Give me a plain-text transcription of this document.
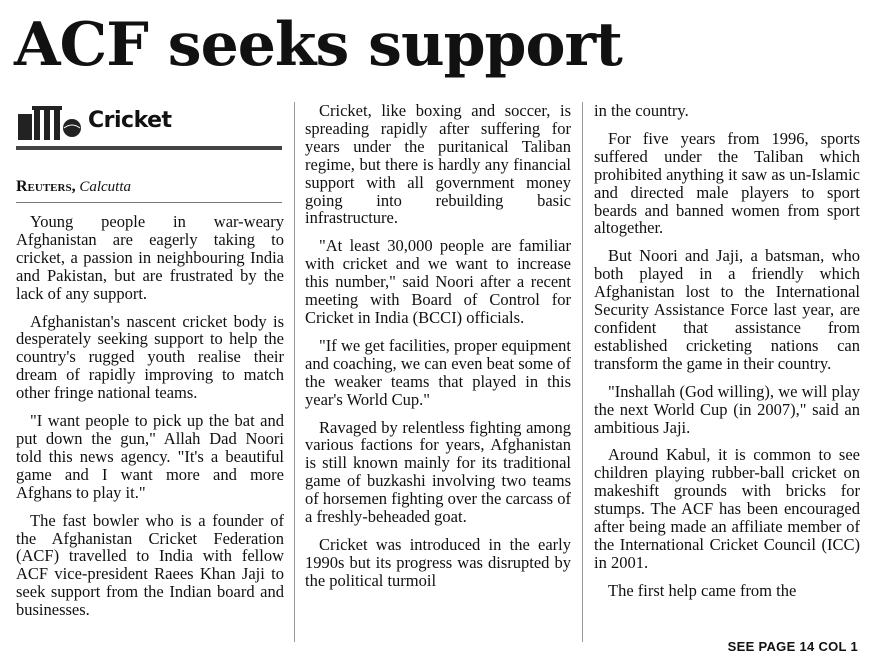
ACF seeks support
Cricket
Reuters, Calcutta

Young people in war-weary Afghanistan are eagerly taking to cricket, a passion in neighbouring India and Pakistan, but are frustrated by the lack of any support.

Afghanistan's nascent cricket body is desperately seeking support to help the country's rugged youth realise their dream of rapidly improving to match other fringe national teams.

"I want people to pick up the bat and put down the gun," Allah Dad Noori told this news agency. "It's a beautiful game and I want more and more Afghans to play it."

The fast bowler who is a founder of the Afghanistan Cricket Federation (ACF) travelled to India with fellow ACF vice-president Raees Khan Jaji to seek support from the Indian board and businesses.

Cricket, like boxing and soccer, is spreading rapidly after suffering for years under the puritanical Taliban regime, but there is hardly any financial support with all government money going into rebuilding basic infrastructure.

"At least 30,000 people are familiar with cricket and we want to increase this number," said Noori after a recent meeting with Board of Control for Cricket in India (BCCI) officials.

"If we get facilities, proper equipment and coaching, we can even beat some of the weaker teams that played in this year's World Cup."

Ravaged by relentless fighting among various factions for years, Afghanistan is still known mainly for its traditional game of buzkashi involving two teams of horsemen fighting over the carcass of a freshly-beheaded goat.

Cricket was introduced in the early 1990s but its progress was disrupted by the political turmoil

in the country.

For five years from 1996, sports suffered under the Taliban which prohibited anything it saw as un-Islamic and directed male players to sport beards and banned women from sport altogether.

But Noori and Jaji, a batsman, who both played in a friendly which Afghanistan lost to the International Security Assistance Force last year, are confident that assistance from established cricketing nations can transform the game in their country.

"Inshallah (God willing), we will play the next World Cup (in 2007)," said an ambitious Jaji.

Around Kabul, it is common to see children playing rubber-ball cricket on makeshift grounds with bricks for stumps. The ACF has been encouraged after being made an affiliate member of the International Cricket Council (ICC) in 2001.

The first help came from the

SEE PAGE 14 COL 1
